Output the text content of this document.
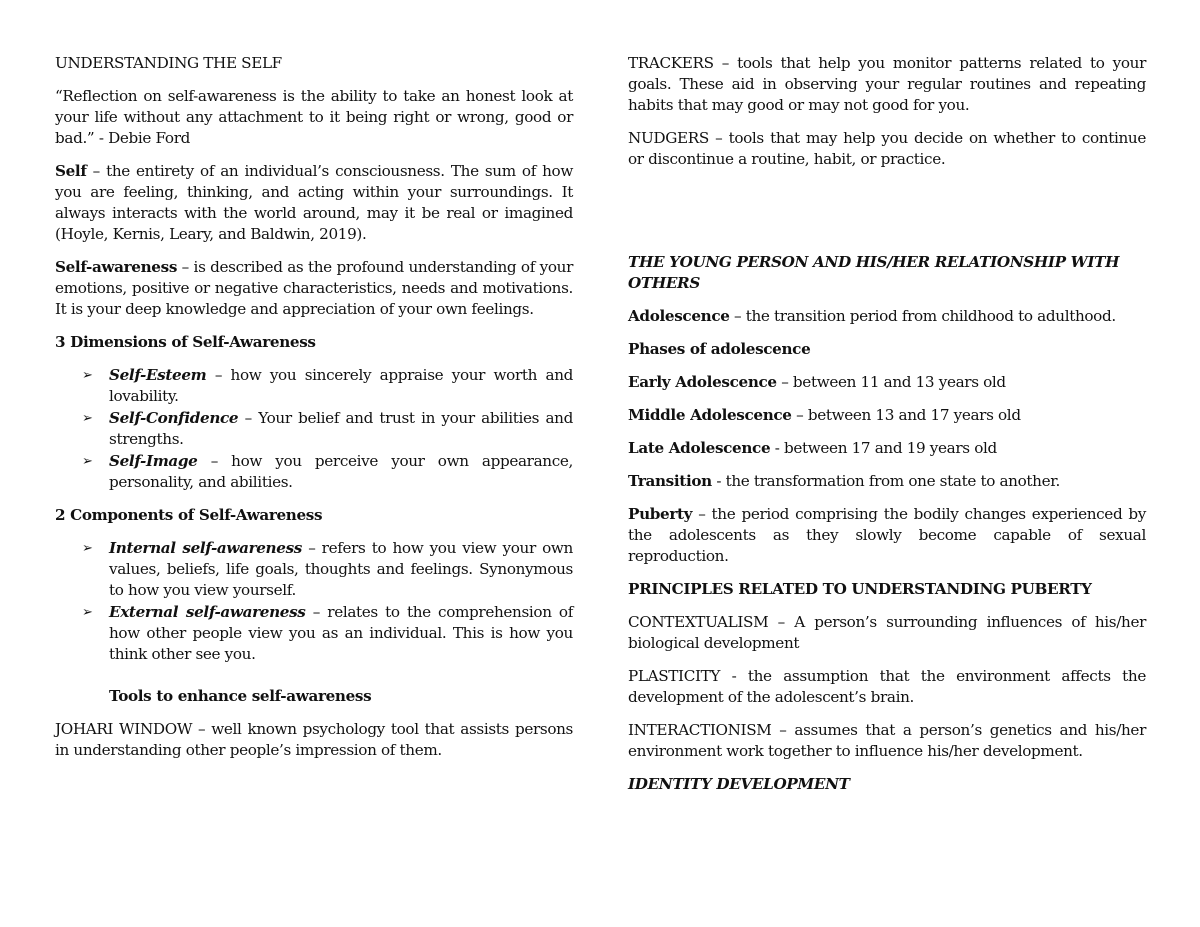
UNDERSTANDING THE SELF

“Reflection on self-awareness is the ability to take an honest look at your life without any attachment to it being right or wrong, good or bad.” - Debie Ford

Self – the entirety of an individual’s consciousness. The sum of how you are feeling, thinking, and acting within your surroundings. It always interacts with the world around, may it be real or imagined (Hoyle, Kernis, Leary, and Baldwin, 2019).

Self-awareness – is described as the profound understanding of your emotions, positive or negative characteristics, needs and motivations. It is your deep knowledge and appreciation of your own feelings.

3 Dimensions of Self-Awareness

➢ Self-Esteem – how you sincerely appraise your worth and lovability.
➢ Self-Confidence – Your belief and trust in your abilities and strengths.
➢ Self-Image – how you perceive your own appearance, personality, and abilities.

2 Components of Self-Awareness

➢ Internal self-awareness – refers to how you view your own values, beliefs, life goals, thoughts and feelings. Synonymous to how you view yourself.
➢ External self-awareness – relates to the comprehension of how other people view you as an individual. This is how you think other see you.

Tools to enhance self-awareness

JOHARI WINDOW – well known psychology tool that assists persons in understanding other people’s impression of them.

TRACKERS – tools that help you monitor patterns related to your goals. These aid in observing your regular routines and repeating habits that may good or may not good for you.

NUDGERS – tools that may help you decide on whether to continue or discontinue a routine, habit, or practice.

THE YOUNG PERSON AND HIS/HER RELATIONSHIP WITH OTHERS

Adolescence – the transition period from childhood to adulthood.

Phases of adolescence

Early Adolescence – between 11 and 13 years old

Middle Adolescence – between 13 and 17 years old

Late Adolescence - between 17 and 19 years old

Transition - the transformation from one state to another.

Puberty – the period comprising the bodily changes experienced by the adolescents as they slowly become capable of sexual reproduction.

PRINCIPLES RELATED TO UNDERSTANDING PUBERTY

CONTEXTUALISM – A person’s surrounding influences of his/her biological development

PLASTICITY - the assumption that the environment affects the development of the adolescent’s brain.

INTERACTIONISM – assumes that a person’s genetics and his/her environment work together to influence his/her development.

IDENTITY DEVELOPMENT
